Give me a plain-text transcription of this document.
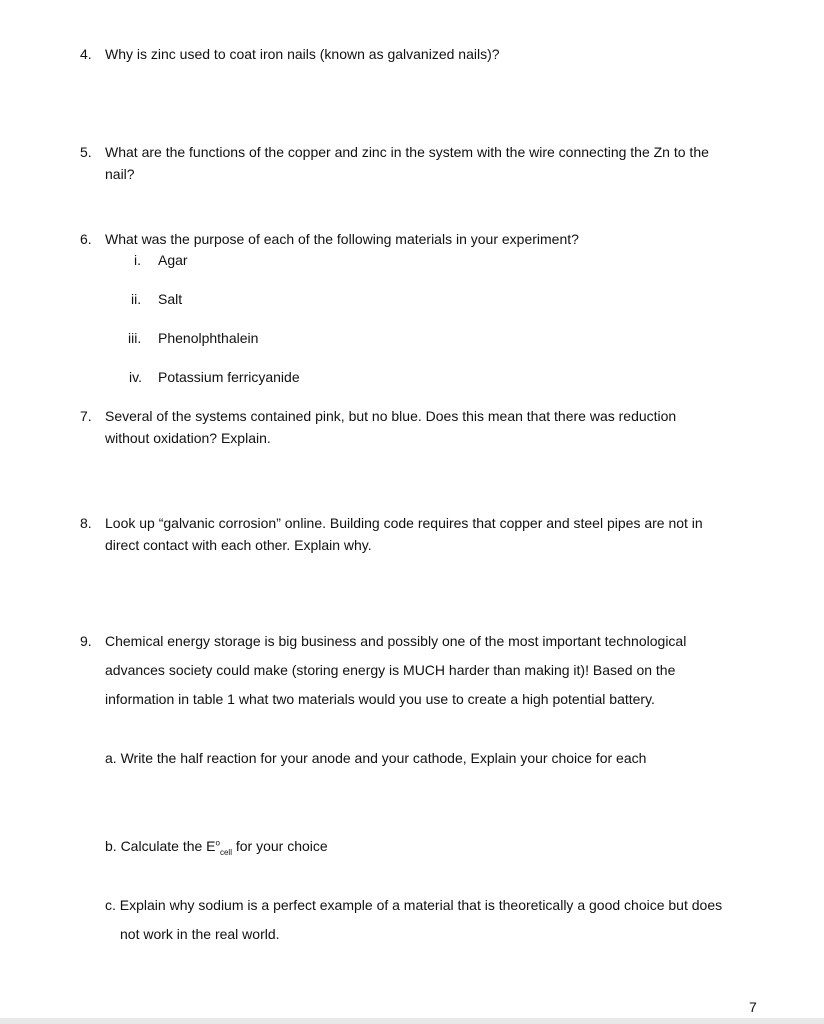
4. Why is zinc used to coat iron nails (known as galvanized nails)?
5. What are the functions of the copper and zinc in the system with the wire connecting the Zn to the
nail?
6. What was the purpose of each of the following materials in your experiment?
i. Agar
ii. Salt
iii. Phenolphthalein
iv. Potassium ferricyanide
7. Several of the systems contained pink, but no blue. Does this mean that there was reduction
without oxidation? Explain.
8. Look up “galvanic corrosion” online. Building code requires that copper and steel pipes are not in
direct contact with each other. Explain why.
9. Chemical energy storage is big business and possibly one of the most important technological
advances society could make (storing energy is MUCH harder than making it)! Based on the
information in table 1 what two materials would you use to create a high potential battery.
a. Write the half reaction for your anode and your cathode, Explain your choice for each
b. Calculate the $E^o_{cell}$ for your choice
c. Explain why sodium is a perfect example of a material that is theoretically a good choice but does
not work in the real world.
7
